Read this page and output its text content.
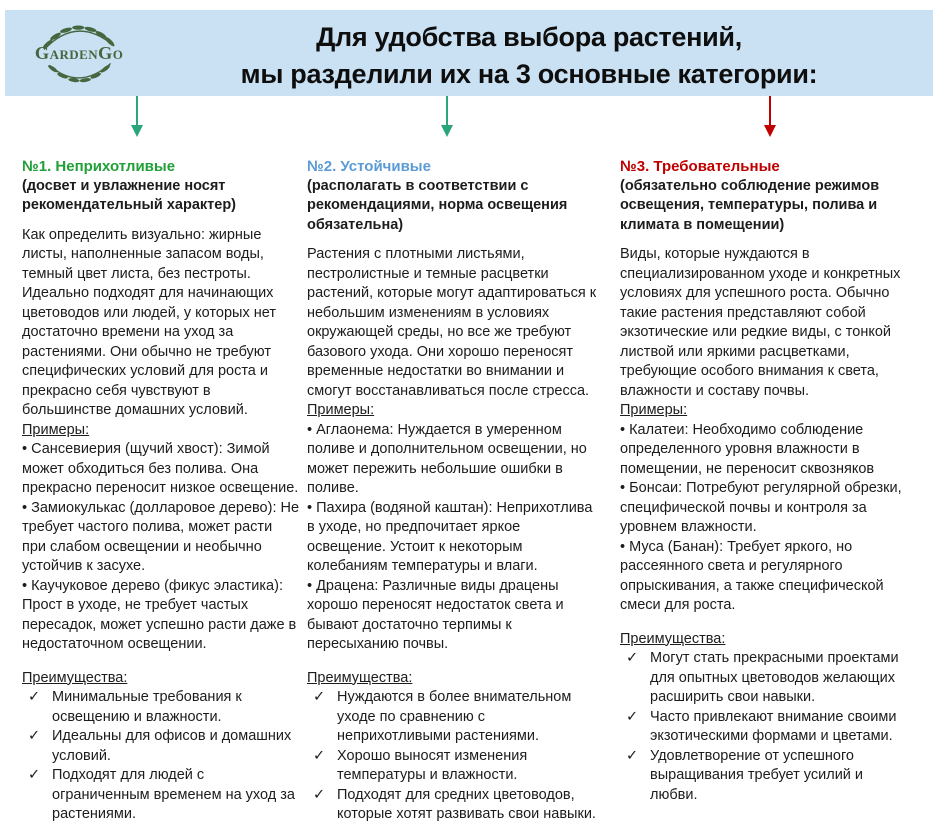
GardenGo
Для удобства выбора растений,
мы разделили их на 3 основные категории:
№1. Неприхотливые

(досвет и увлажнение носят рекомендательный характер)

Как определить визуально: жирные листы, наполненные запасом воды, темный цвет листа, без пестроты. Идеально подходят для начинающих цветоводов или людей, у которых нет достаточно времени на уход за растениями. Они обычно не требуют специфических условий для роста и прекрасно себя чувствуют в большинстве домашних условий.

Примеры:

• Сансевиерия (щучий хвост): Зимой может обходиться без полива. Она прекрасно переносит низкое освещение.

• Замиокулькас (долларовое дерево): Не требует частого полива, может расти при слабом освещении и необычно устойчив к засухе.

• Каучуковое дерево (фикус эластика): Прост в уходе, не требует частых пересадок, может успешно расти даже в недостаточном освещении.

Преимущества:

✓ Минимальные требования к освещению и влажности.

✓ Идеальны для офисов и домашних условий.

✓ Подходят для людей с ограниченным временем на уход за растениями.

№2. Устойчивые

(располагать в соответствии с рекомендациями, норма освещения обязательна)

Растения с плотными листьями, пестролистные и темные расцветки растений, которые могут адаптироваться к небольшим изменениям в условиях окружающей среды, но все же требуют базового ухода. Они хорошо переносят временные недостатки во внимании и смогут восстанавливаться после стресса.

Примеры:

• Аглаонема: Нуждается в умеренном поливе и дополнительном освещении, но может пережить небольшие ошибки в поливе.

• Пахира (водяной каштан): Неприхотлива в уходе, но предпочитает яркое освещение. Устоит к некоторым колебаниям температуры и влаги.

• Драцена: Различные виды драцены хорошо переносят недостаток света и бывают достаточно терпимы к пересыханию почвы.

Преимущества:

✓ Нуждаются в более внимательном уходе по сравнению с неприхотливыми растениями.

✓ Хорошо выносят изменения температуры и влажности.

✓ Подходят для средних цветоводов, которые хотят развивать свои навыки.

№3. Требовательные

(обязательно соблюдение режимов освещения, температуры, полива и климата в помещении)

Виды, которые нуждаются в специализированном уходе и конкретных условиях для успешного роста. Обычно такие растения представляют собой экзотические или редкие виды, с тонкой листвой или яркими расцветками, требующие особого внимания к света, влажности и составу почвы.

Примеры:

• Калатеи: Необходимо соблюдение определенного уровня влажности в помещении, не переносит сквозняков

• Бонсаи: Потребуют регулярной обрезки, специфической почвы и контроля за уровнем влажности.

• Муса (Банан): Требует яркого, но рассеянного света и регулярного опрыскивания, а также специфической смеси для роста.

Преимущества:

✓ Могут стать прекрасными проектами для опытных цветоводов желающих расширить свои навыки.

✓ Часто привлекают внимание своими экзотическими формами и цветами.

✓ Удовлетворение от успешного выращивания требует усилий и любви.
